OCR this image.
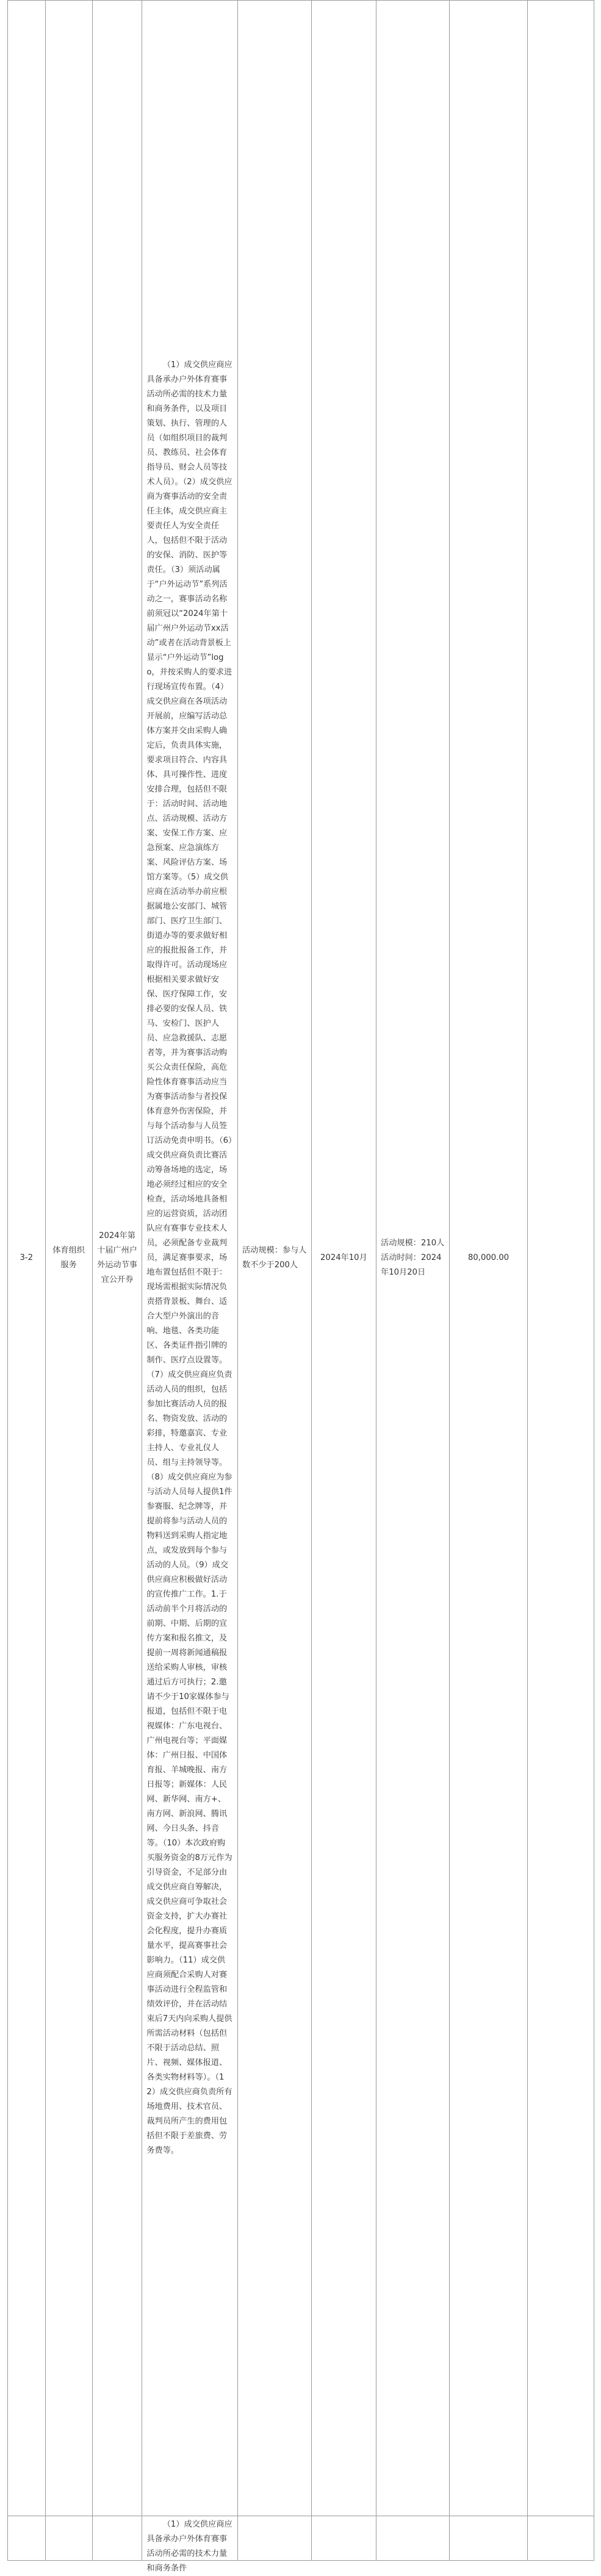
3-2	体育组织服务	2024年第十届广州户外运动节事宜公开券	（1）成交供应商应具备承办户外体育赛事活动所必需的技术力量和商务条件，以及项目策划、执行、管理的人员（如组织项目的裁判员、教练员、社会体育指导员、财会人员等技术人员）。（2）成交供应商为赛事活动的安全责任主体，成交供应商主要责任人为安全责任人，包括但不限于活动的安保、消防、医护等责任。（3）须活动属于“户外运动节”系列活动之一，赛事活动名称前须冠以“2024年第十届广州户外运动节xx活动”或者在活动背景板上显示“户外运动节”logo，并按采购人的要求进行现场宣传布置。（4）成交供应商在各项活动开展前，应编写活动总体方案并交由采购人确定后，负责具体实施，要求项目符合、内容具体、具可操作性、进度安排合理，包括但不限于：活动时间、活动地点、活动规模、活动方案、安保工作方案、应急预案、应急演练方案、风险评估方案、场馆方案等。（5）成交供应商在活动举办前应根据属地公安部门、城管部门、医疗卫生部门、街道办等的要求做好相应的报批报备工作，并取得许可。活动现场应根据相关要求做好安保、医疗保障工作，安排必要的安保人员、铁马、安检门、医护人员、应急救援队、志愿者等，并为赛事活动购买公众责任保险，高危险性体育赛事活动应当为赛事活动参与者投保体育意外伤害保险，并与每个活动参与人员签订活动免责申明书。（6）成交供应商负责比赛活动筹备场地的选定，场地必须经过相应的安全检查，活动场地具备相应的运营资质，活动团队应有赛事专业技术人员，必须配备专业裁判员，满足赛事要求，场地布置包括但不限于：现场需根据实际情况负责搭背景板、舞台、适合大型户外演出的音响、地毯、各类功能区、各类证件指引牌的制作、医疗点设置等。（7）成交供应商应负责活动人员的组织，包括参加比赛活动人员的报名、物资发放、活动的彩排，特邀嘉宾、专业主持人、专业礼仪人员、组与主持领导等。（8）成交供应商应为参与活动人员每人提供1件参赛服、纪念牌等，并提前将参与活动人员的物料送到采购人指定地点，或发放到每个参与活动的人员。（9）成交供应商应积极做好活动的宣传推广工作。1.于活动前半个月将活动的前期、中期、后期的宣传方案和报名推文，及提前一周将新闻通稿报送给采购人审核，审核通过后方可执行；2.邀请不少于10家媒体参与报道，包括但不限于电视媒体：广东电视台、广州电视台等；平面媒体：广州日报、中国体育报、羊城晚报、南方日报等；新媒体：人民网、新华网、南方+、南方网、新浪网、腾讯网、今日头条、抖音等。（10）本次政府购买服务资金的8万元作为引导资金，不足部分由成交供应商自筹解决，成交供应商可争取社会资金支持，扩大办赛社会化程度，提升办赛质量水平，提高赛事社会影响力。（11）成交供应商须配合采购人对赛事活动进行全程监管和绩效评价，并在活动结束后7天内向采购人提供所需活动材料（包括但不限于活动总结、照片、视频、媒体报道、各类实物材料等）。（12）成交供应商负责所有场地费用、技术官员、裁判员所产生的费用包括但不限于差旅费、劳务费等。	活动规模：参与人数不少于200人	2024年10月	活动规模：210人 活动时间：2024年10月20日	80,000.00	

			（1）成交供应商应具备承办户外体育赛事活动所必需的技术力量和商务条件					
